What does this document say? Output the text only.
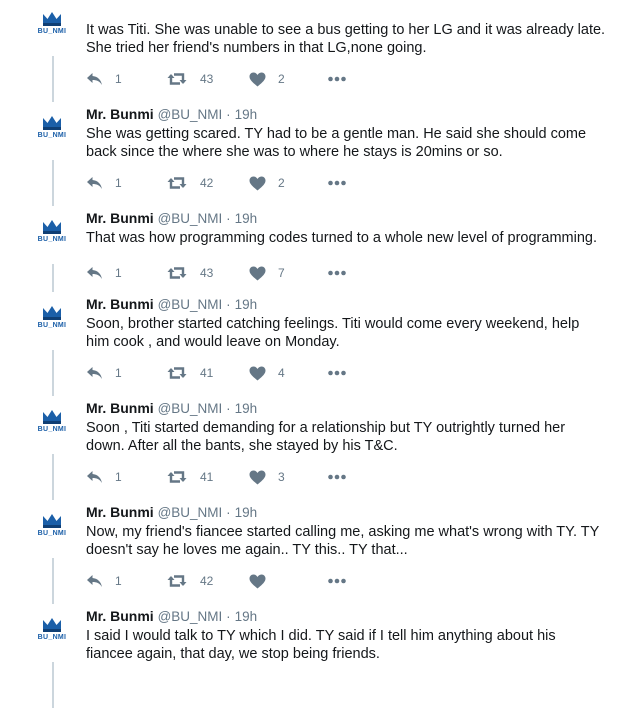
BU_NMI It was Titi. She was unable to see a bus getting to her LG and it was already late. She tried her friend's numbers in that LG,none going.
1	43	2
BU_NMI
Mr. Bunmi @BU_NMI · 19h
She was getting scared. TY had to be a gentle man. He said she should come back since the where she was to where he stays is 20mins or so.
1	42	2
BU_NMI
Mr. Bunmi @BU_NMI · 19h
That was how programming codes turned to a whole new level of programming.
1	43	7
BU_NMI
Mr. Bunmi @BU_NMI · 19h
Soon, brother started catching feelings. Titi would come every weekend, help him cook , and would leave on Monday.
1	41	4
BU_NMI
Mr. Bunmi @BU_NMI · 19h
Soon , Titi started demanding for a relationship but TY outrightly turned her down. After all the bants, she stayed by his T&C.
1	41	3
BU_NMI
Mr. Bunmi @BU_NMI · 19h
Now, my friend's fiancee started calling me, asking me what's wrong with TY. TY doesn't say he loves me again.. TY this.. TY that...
1	42
BU_NMI
Mr. Bunmi @BU_NMI · 19h
I said I would talk to TY which I did. TY said if I tell him anything about his fiancee again, that day, we stop being friends.
